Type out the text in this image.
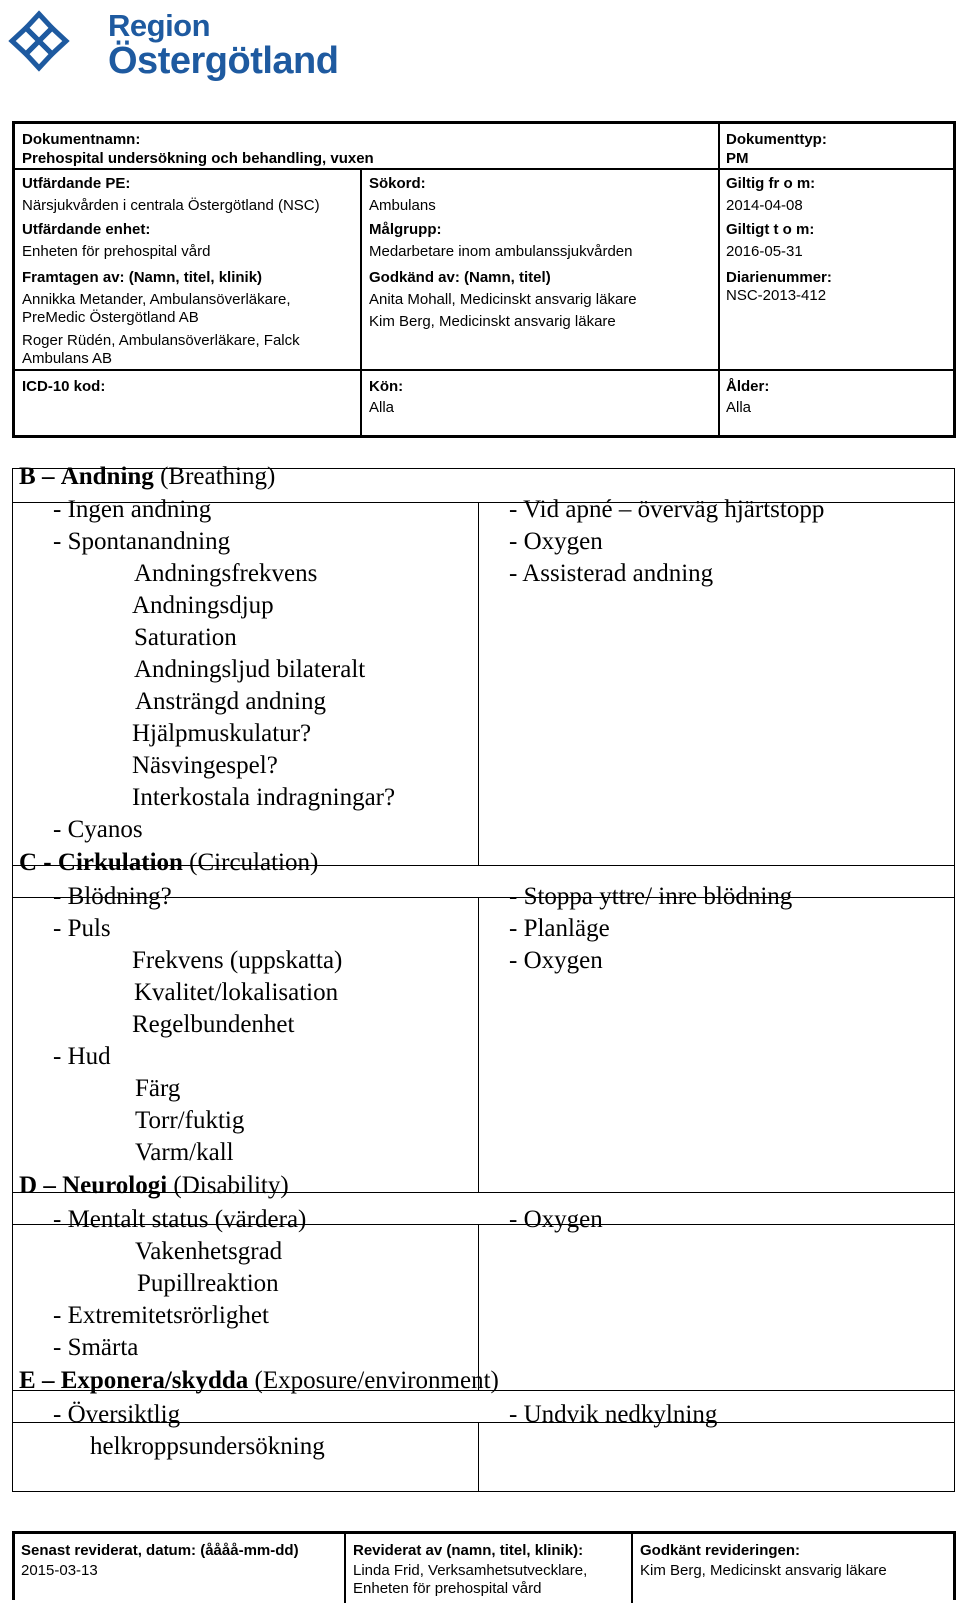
Region
Östergötland
Dokumentnamn:
Prehospital undersökning och behandling, vuxen
Dokumenttyp:
PM
Utfärdande PE:
Närsjukvården i centrala Östergötland (NSC)
Sökord:
Ambulans
Giltig fr o m:
2014-04-08
Utfärdande enhet:
Enheten för prehospital vård
Målgrupp:
Medarbetare inom ambulanssjukvården
Giltigt t o m:
2016-05-31
Framtagen av: (Namn, titel, klinik)
Annikka Metander, Ambulansöverläkare,
PreMedic Östergötland AB
Roger Rüdén, Ambulansöverläkare, Falck
Ambulans AB
Godkänd av: (Namn, titel)
Anita Mohall, Medicinskt ansvarig läkare
Kim Berg, Medicinskt ansvarig läkare
Diarienummer:
NSC-2013-412
ICD-10 kod:	Kön:
Alla
Ålder:
Alla
B – Andning (Breathing)
- Ingen andning
- Spontanandning
Andningsfrekvens
Andningsdjup
Saturation
Andningsljud bilateralt
Ansträngd andning
Hjälpmuskulatur?
Näsvingespel?
Interkostala indragningar?
- Cyanos
- Vid apné – överväg hjärtstopp
- Oxygen
- Assisterad andning
C - Cirkulation (Circulation)
- Blödning?
- Puls
Frekvens (uppskatta)
Kvalitet/lokalisation
Regelbundenhet
- Hud
Färg
Torr/fuktig
Varm/kall
- Stoppa yttre/ inre blödning
- Planläge
- Oxygen
D – Neurologi (Disability)
- Mentalt status (värdera)
Vakenhetsgrad
Pupillreaktion
- Extremitetsrörlighet
- Smärta
- Oxygen
E – Exponera/skydda (Exposure/environment)
- Översiktlig
helkroppsundersökning
- Undvik nedkylning
Senast reviderat, datum: (åååå-mm-dd)
2015-03-13
Reviderat av (namn, titel, klinik):
Linda Frid, Verksamhetsutvecklare,
Enheten för prehospital vård
Godkänt revideringen:
Kim Berg, Medicinskt ansvarig läkare
